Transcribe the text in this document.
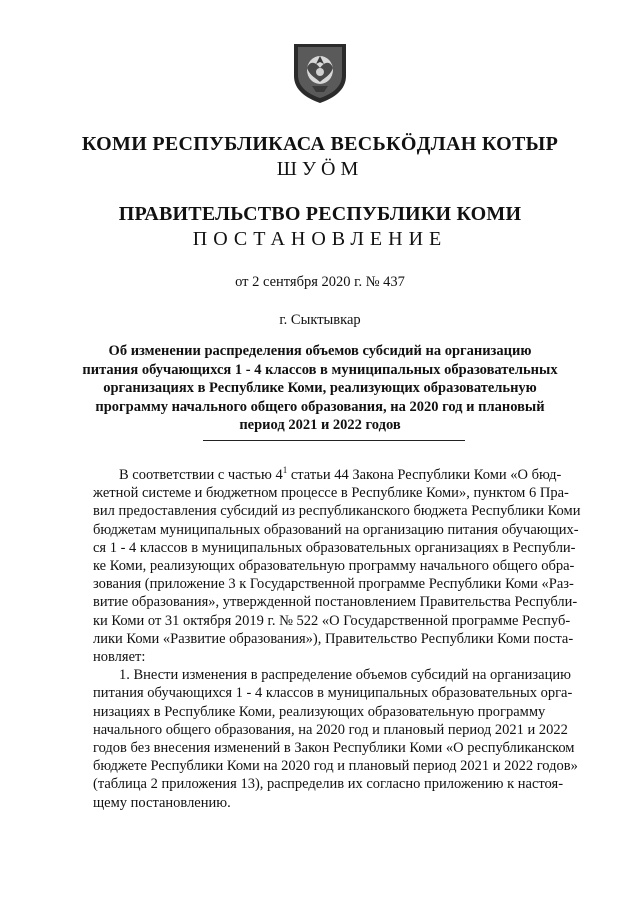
КОМИ РЕСПУБЛИКАСА ВЕСЬКӦДЛАН КОТЫР
ШУӦМ
ПРАВИТЕЛЬСТВО РЕСПУБЛИКИ КОМИ
ПОСТАНОВЛЕНИЕ
от 2 сентября 2020 г. № 437
г. Сыктывкар
Об изменении распределения объемов субсидий на организацию
питания обучающихся 1 - 4 классов в муниципальных образовательных
организациях в Республике Коми, реализующих образовательную
программу начального общего образования, на 2020 год и плановый
период 2021 и 2022 годов
В соответствии с частью $4^1$ статьи 44 Закона Республики Коми «О бюд-
жетной системе и бюджетном процессе в Республике Коми», пунктом 6 Пра-
вил предоставления субсидий из республиканского бюджета Республики Коми
бюджетам муниципальных образований на организацию питания обучающих-
ся 1 - 4 классов в муниципальных образовательных организациях в Республи-
ке Коми, реализующих образовательную программу начального общего обра-
зования (приложение 3 к Государственной программе Республики Коми «Раз-
витие образования», утвержденной постановлением Правительства Республи-
ки Коми от 31 октября 2019 г. № 522 «О Государственной программе Респуб-
лики Коми «Развитие образования»), Правительство Республики Коми поста-
новляет:
1. Внести изменения в распределение объемов субсидий на организацию
питания обучающихся 1 - 4 классов в муниципальных образовательных орга-
низациях в Республике Коми, реализующих образовательную программу
начального общего образования, на 2020 год и плановый период 2021 и 2022
годов без внесения изменений в Закон Республики Коми «О республиканском
бюджете Республики Коми на 2020 год и плановый период 2021 и 2022 годов»
(таблица 2 приложения 13), распределив их согласно приложению к настоя-
щему постановлению.
